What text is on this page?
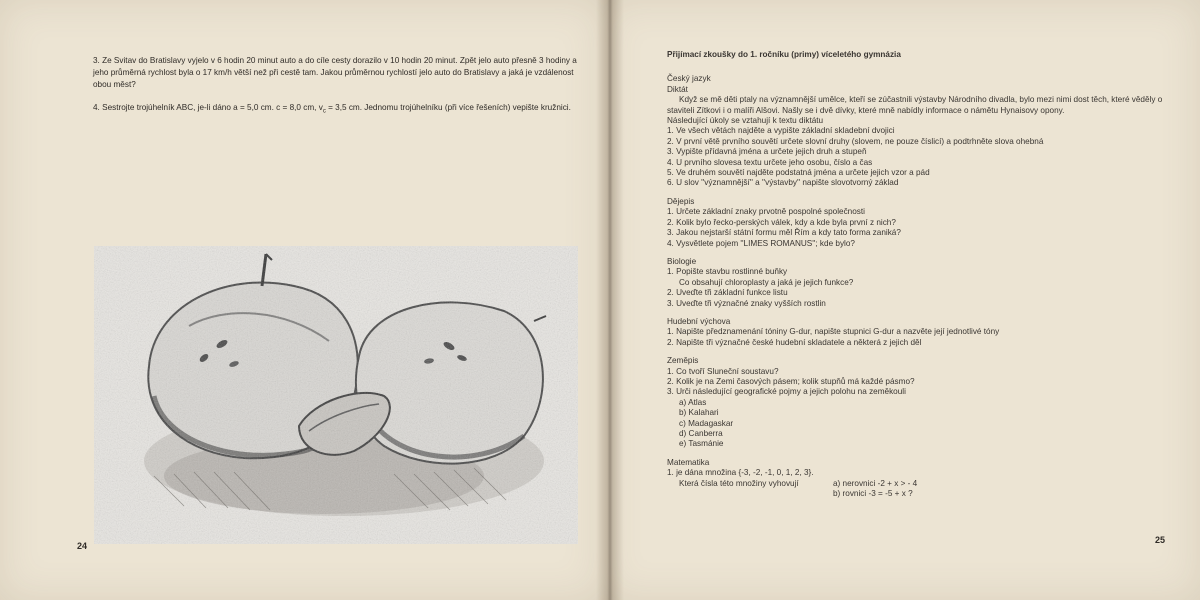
3. Ze Svitav do Bratislavy vyjelo v 6 hodin 20 minut auto a do cíle cesty dorazilo v 10 hodin 20 minut. Zpět jelo auto přesně 3 hodiny a jeho průměrná rychlost byla o 17 km/h větší než při cestě tam. Jakou průměrnou rychlostí jelo auto do Bratislavy a jaká je vzdálenost obou měst?
4. Sestrojte trojúhelník ABC, je-li dáno a = 5,0 cm. c = 8,0 cm, $v_c = 3,5$ cm. Jednomu trojúhelníku (při více řešeních) vepište kružnici.
24
Přijímací zkoušky do 1. ročníku (primy) víceletého gymnázia
Český jazyk
Diktát
Když se mě děti ptaly na významnější umělce, kteří se zúčastnili výstavby Národního divadla, bylo mezi nimi dost těch, které věděly o staviteli Zítkovi i o malíři Alšovi. Našly se i dvě dívky, které mně nabídly informace o námětu Hynaisovy opony.
Následující úkoly se vztahují k textu diktátu
1. Ve všech větách najděte a vypište základní skladební dvojici
2. V první větě prvního souvětí určete slovní druhy (slovem, ne pouze číslicí) a podtrhněte slova ohebná
3. Vypište přídavná jména a určete jejich druh a stupeň
4. U prvního slovesa textu určete jeho osobu, číslo a čas
5. Ve druhém souvětí najděte podstatná jména a určete jejich vzor a pád
6. U slov ''významnější'' a ''výstavby'' napište slovotvorný základ
Dějepis
1. Určete základní znaky prvotně pospolné společnosti
2. Kolik bylo řecko-perských válek, kdy a kde byla první z nich?
3. Jakou nejstarší státní formu měl Řím a kdy tato forma zaniká?
4. Vysvětlete pojem ''LIMES ROMANUS''; kde bylo?
Biologie
1. Popište stavbu rostlinné buňky
Co obsahují chloroplasty a jaká je jejich funkce?
2. Uveďte tři základní funkce listu
3. Uveďte tři význačné znaky vyšších rostlin
Hudební výchova
1. Napište předznamenání tóniny G-dur, napište stupnici G-dur a nazvěte její jednotlivé tóny
2. Napište tři význačné české hudební skladatele a některá z jejich děl
Zeměpis
1. Co tvoří Sluneční soustavu?
2. Kolik je na Zemi časových pásem; kolik stupňů má každé pásmo?
3. Urči následující geografické pojmy a jejich polohu na zeměkouli
a) Atlas
b) Kalahari
c) Madagaskar
d) Canberra
e) Tasmánie
Matematika
1. je dána množina {-3, -2, -1, 0, 1, 2, 3}.
Která čísla této množiny vyhovují	a) nerovnici -2 + x > - 4
b) rovnici -3 = -5 + x ?
25
